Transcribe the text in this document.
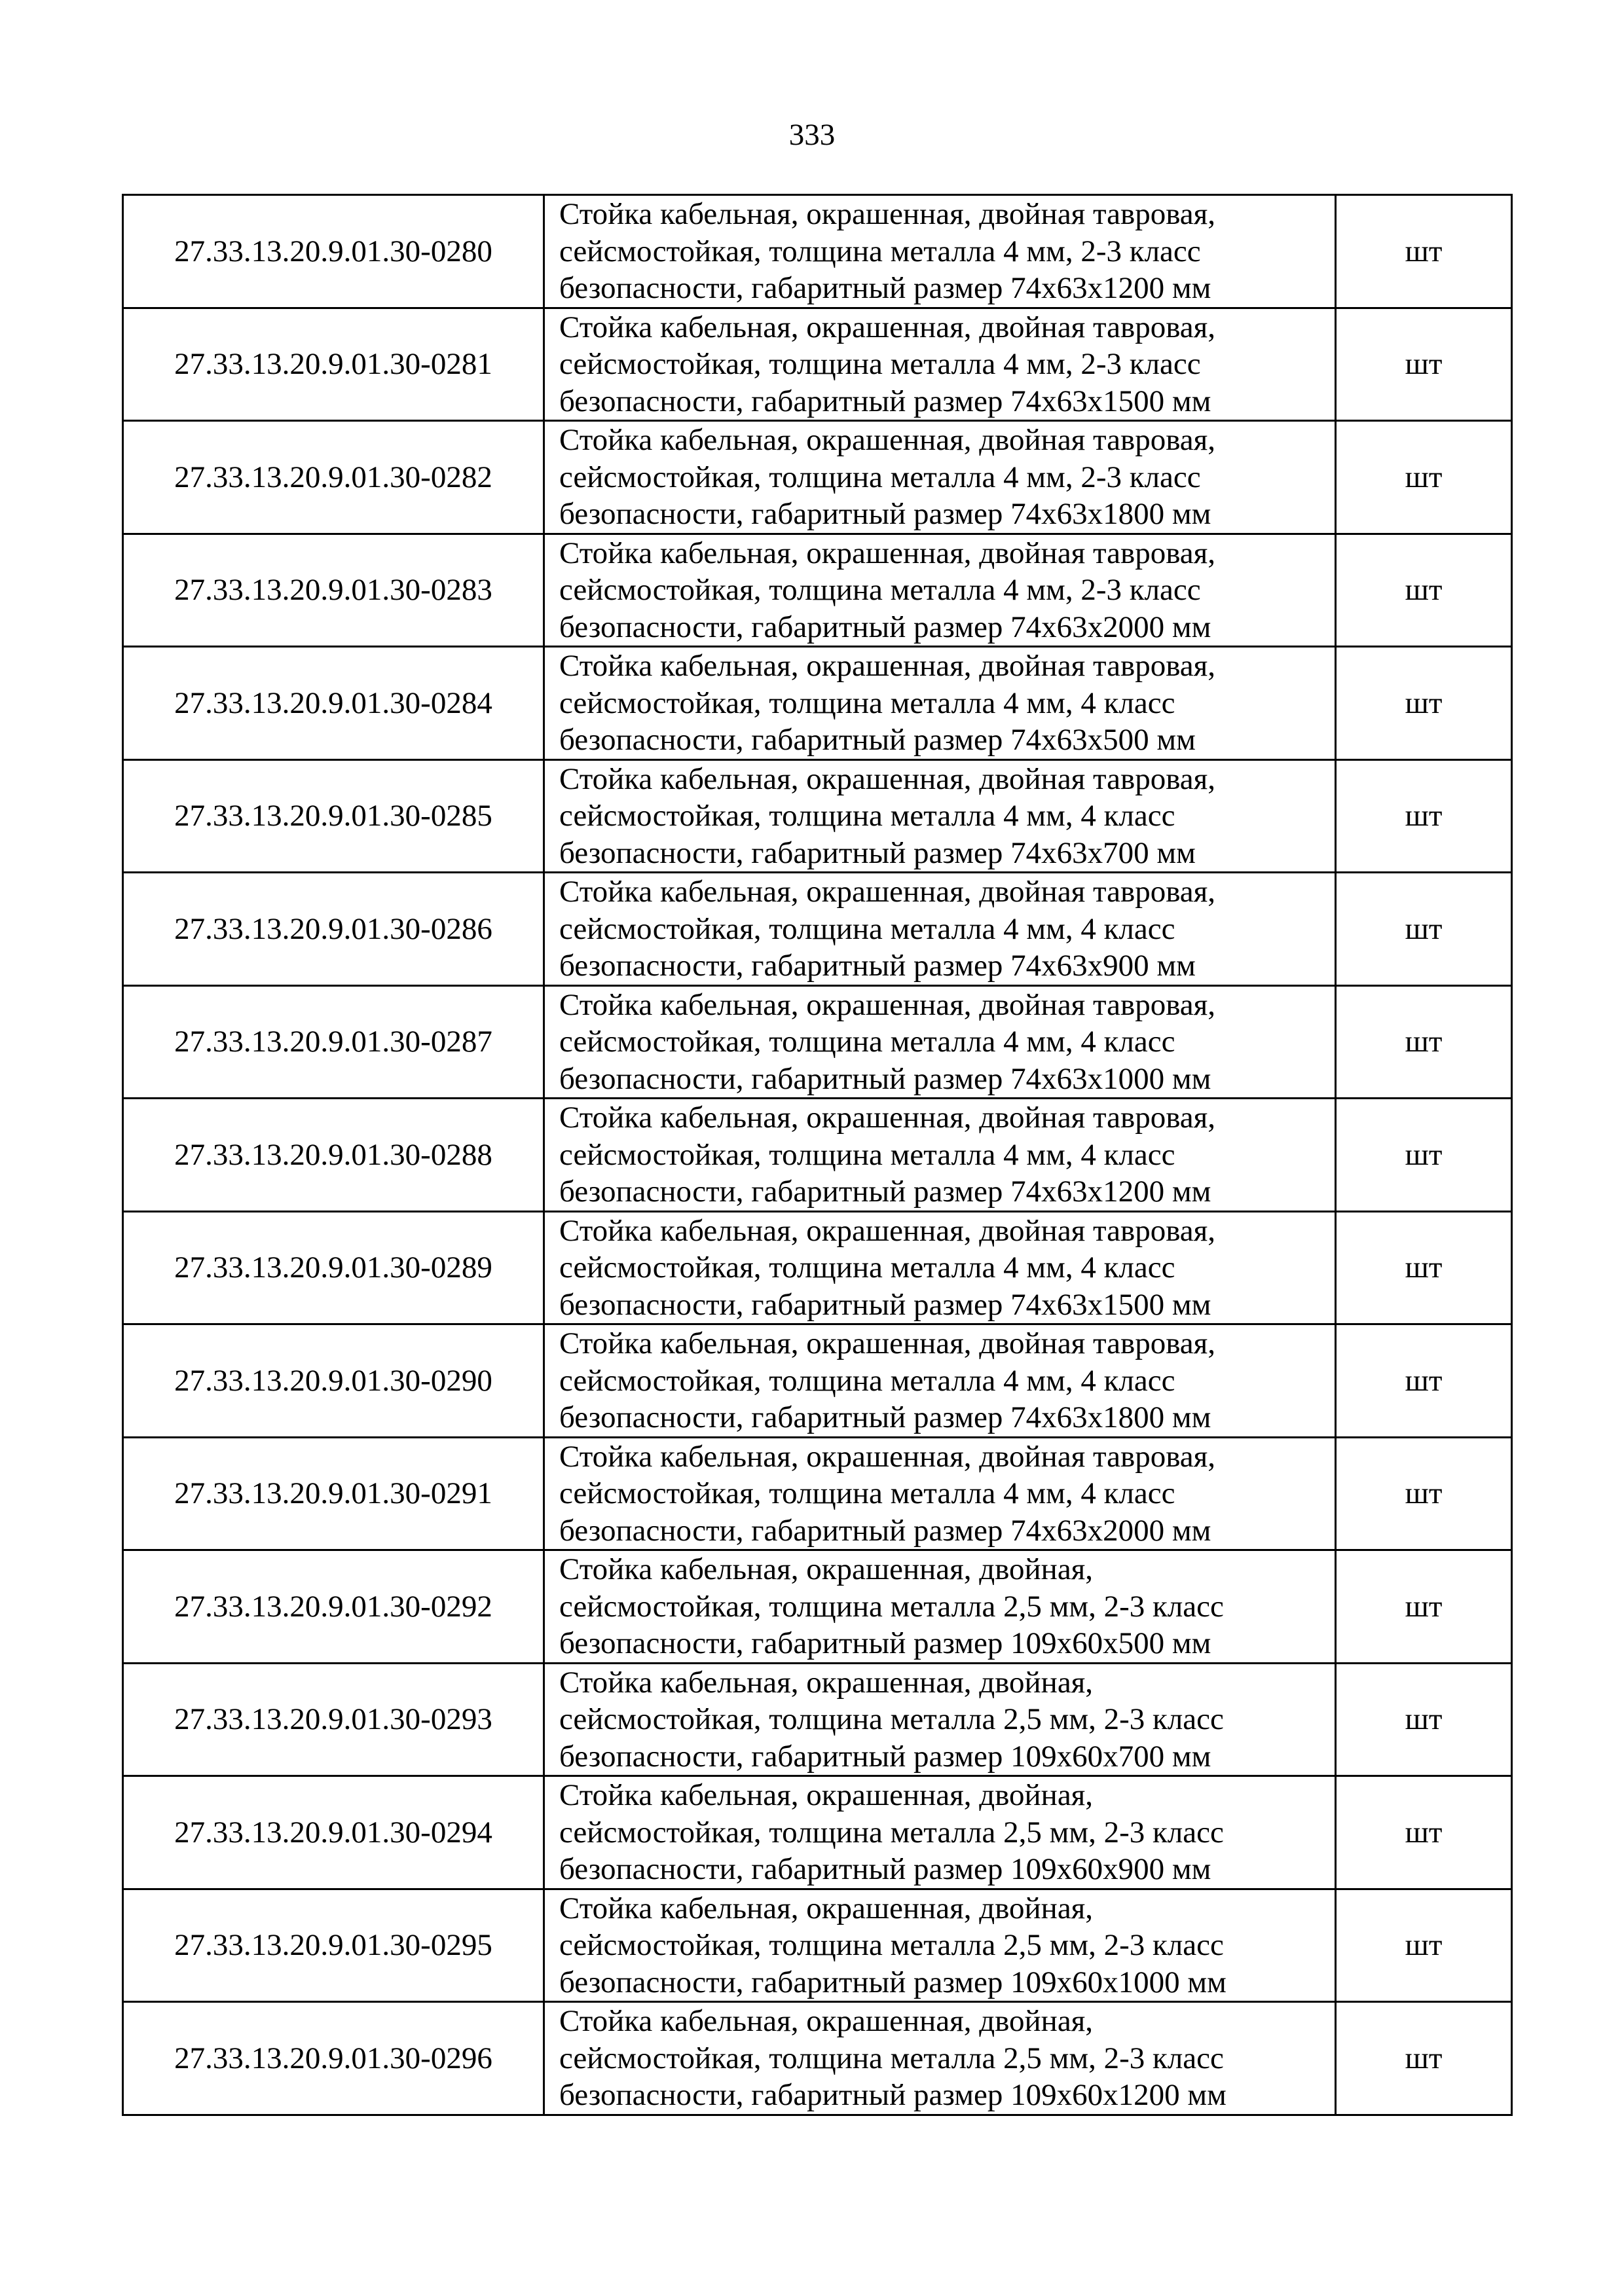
333
27.33.13.20.9.01.30-0280	Стойка кабельная, окрашенная, двойная тавровая,
сейсмостойкая, толщина металла 4 мм, 2-3 класс
безопасности, габаритный размер 74х63х1200 мм	шт
27.33.13.20.9.01.30-0281	Стойка кабельная, окрашенная, двойная тавровая,
сейсмостойкая, толщина металла 4 мм, 2-3 класс
безопасности, габаритный размер 74х63х1500 мм	шт
27.33.13.20.9.01.30-0282	Стойка кабельная, окрашенная, двойная тавровая,
сейсмостойкая, толщина металла 4 мм, 2-3 класс
безопасности, габаритный размер 74х63х1800 мм	шт
27.33.13.20.9.01.30-0283	Стойка кабельная, окрашенная, двойная тавровая,
сейсмостойкая, толщина металла 4 мм, 2-3 класс
безопасности, габаритный размер 74х63х2000 мм	шт
27.33.13.20.9.01.30-0284	Стойка кабельная, окрашенная, двойная тавровая,
сейсмостойкая, толщина металла 4 мм, 4 класс
безопасности, габаритный размер 74х63х500 мм	шт
27.33.13.20.9.01.30-0285	Стойка кабельная, окрашенная, двойная тавровая,
сейсмостойкая, толщина металла 4 мм, 4 класс
безопасности, габаритный размер 74х63х700 мм	шт
27.33.13.20.9.01.30-0286	Стойка кабельная, окрашенная, двойная тавровая,
сейсмостойкая, толщина металла 4 мм, 4 класс
безопасности, габаритный размер 74х63х900 мм	шт
27.33.13.20.9.01.30-0287	Стойка кабельная, окрашенная, двойная тавровая,
сейсмостойкая, толщина металла 4 мм, 4 класс
безопасности, габаритный размер 74х63х1000 мм	шт
27.33.13.20.9.01.30-0288	Стойка кабельная, окрашенная, двойная тавровая,
сейсмостойкая, толщина металла 4 мм, 4 класс
безопасности, габаритный размер 74х63х1200 мм	шт
27.33.13.20.9.01.30-0289	Стойка кабельная, окрашенная, двойная тавровая,
сейсмостойкая, толщина металла 4 мм, 4 класс
безопасности, габаритный размер 74х63х1500 мм	шт
27.33.13.20.9.01.30-0290	Стойка кабельная, окрашенная, двойная тавровая,
сейсмостойкая, толщина металла 4 мм, 4 класс
безопасности, габаритный размер 74х63х1800 мм	шт
27.33.13.20.9.01.30-0291	Стойка кабельная, окрашенная, двойная тавровая,
сейсмостойкая, толщина металла 4 мм, 4 класс
безопасности, габаритный размер 74х63х2000 мм	шт
27.33.13.20.9.01.30-0292	Стойка кабельная, окрашенная, двойная,
сейсмостойкая, толщина металла 2,5 мм, 2-3 класс
безопасности, габаритный размер 109х60х500 мм	шт
27.33.13.20.9.01.30-0293	Стойка кабельная, окрашенная, двойная,
сейсмостойкая, толщина металла 2,5 мм, 2-3 класс
безопасности, габаритный размер 109х60х700 мм	шт
27.33.13.20.9.01.30-0294	Стойка кабельная, окрашенная, двойная,
сейсмостойкая, толщина металла 2,5 мм, 2-3 класс
безопасности, габаритный размер 109х60х900 мм	шт
27.33.13.20.9.01.30-0295	Стойка кабельная, окрашенная, двойная,
сейсмостойкая, толщина металла 2,5 мм, 2-3 класс
безопасности, габаритный размер 109х60х1000 мм	шт
27.33.13.20.9.01.30-0296	Стойка кабельная, окрашенная, двойная,
сейсмостойкая, толщина металла 2,5 мм, 2-3 класс
безопасности, габаритный размер 109х60х1200 мм	шт
